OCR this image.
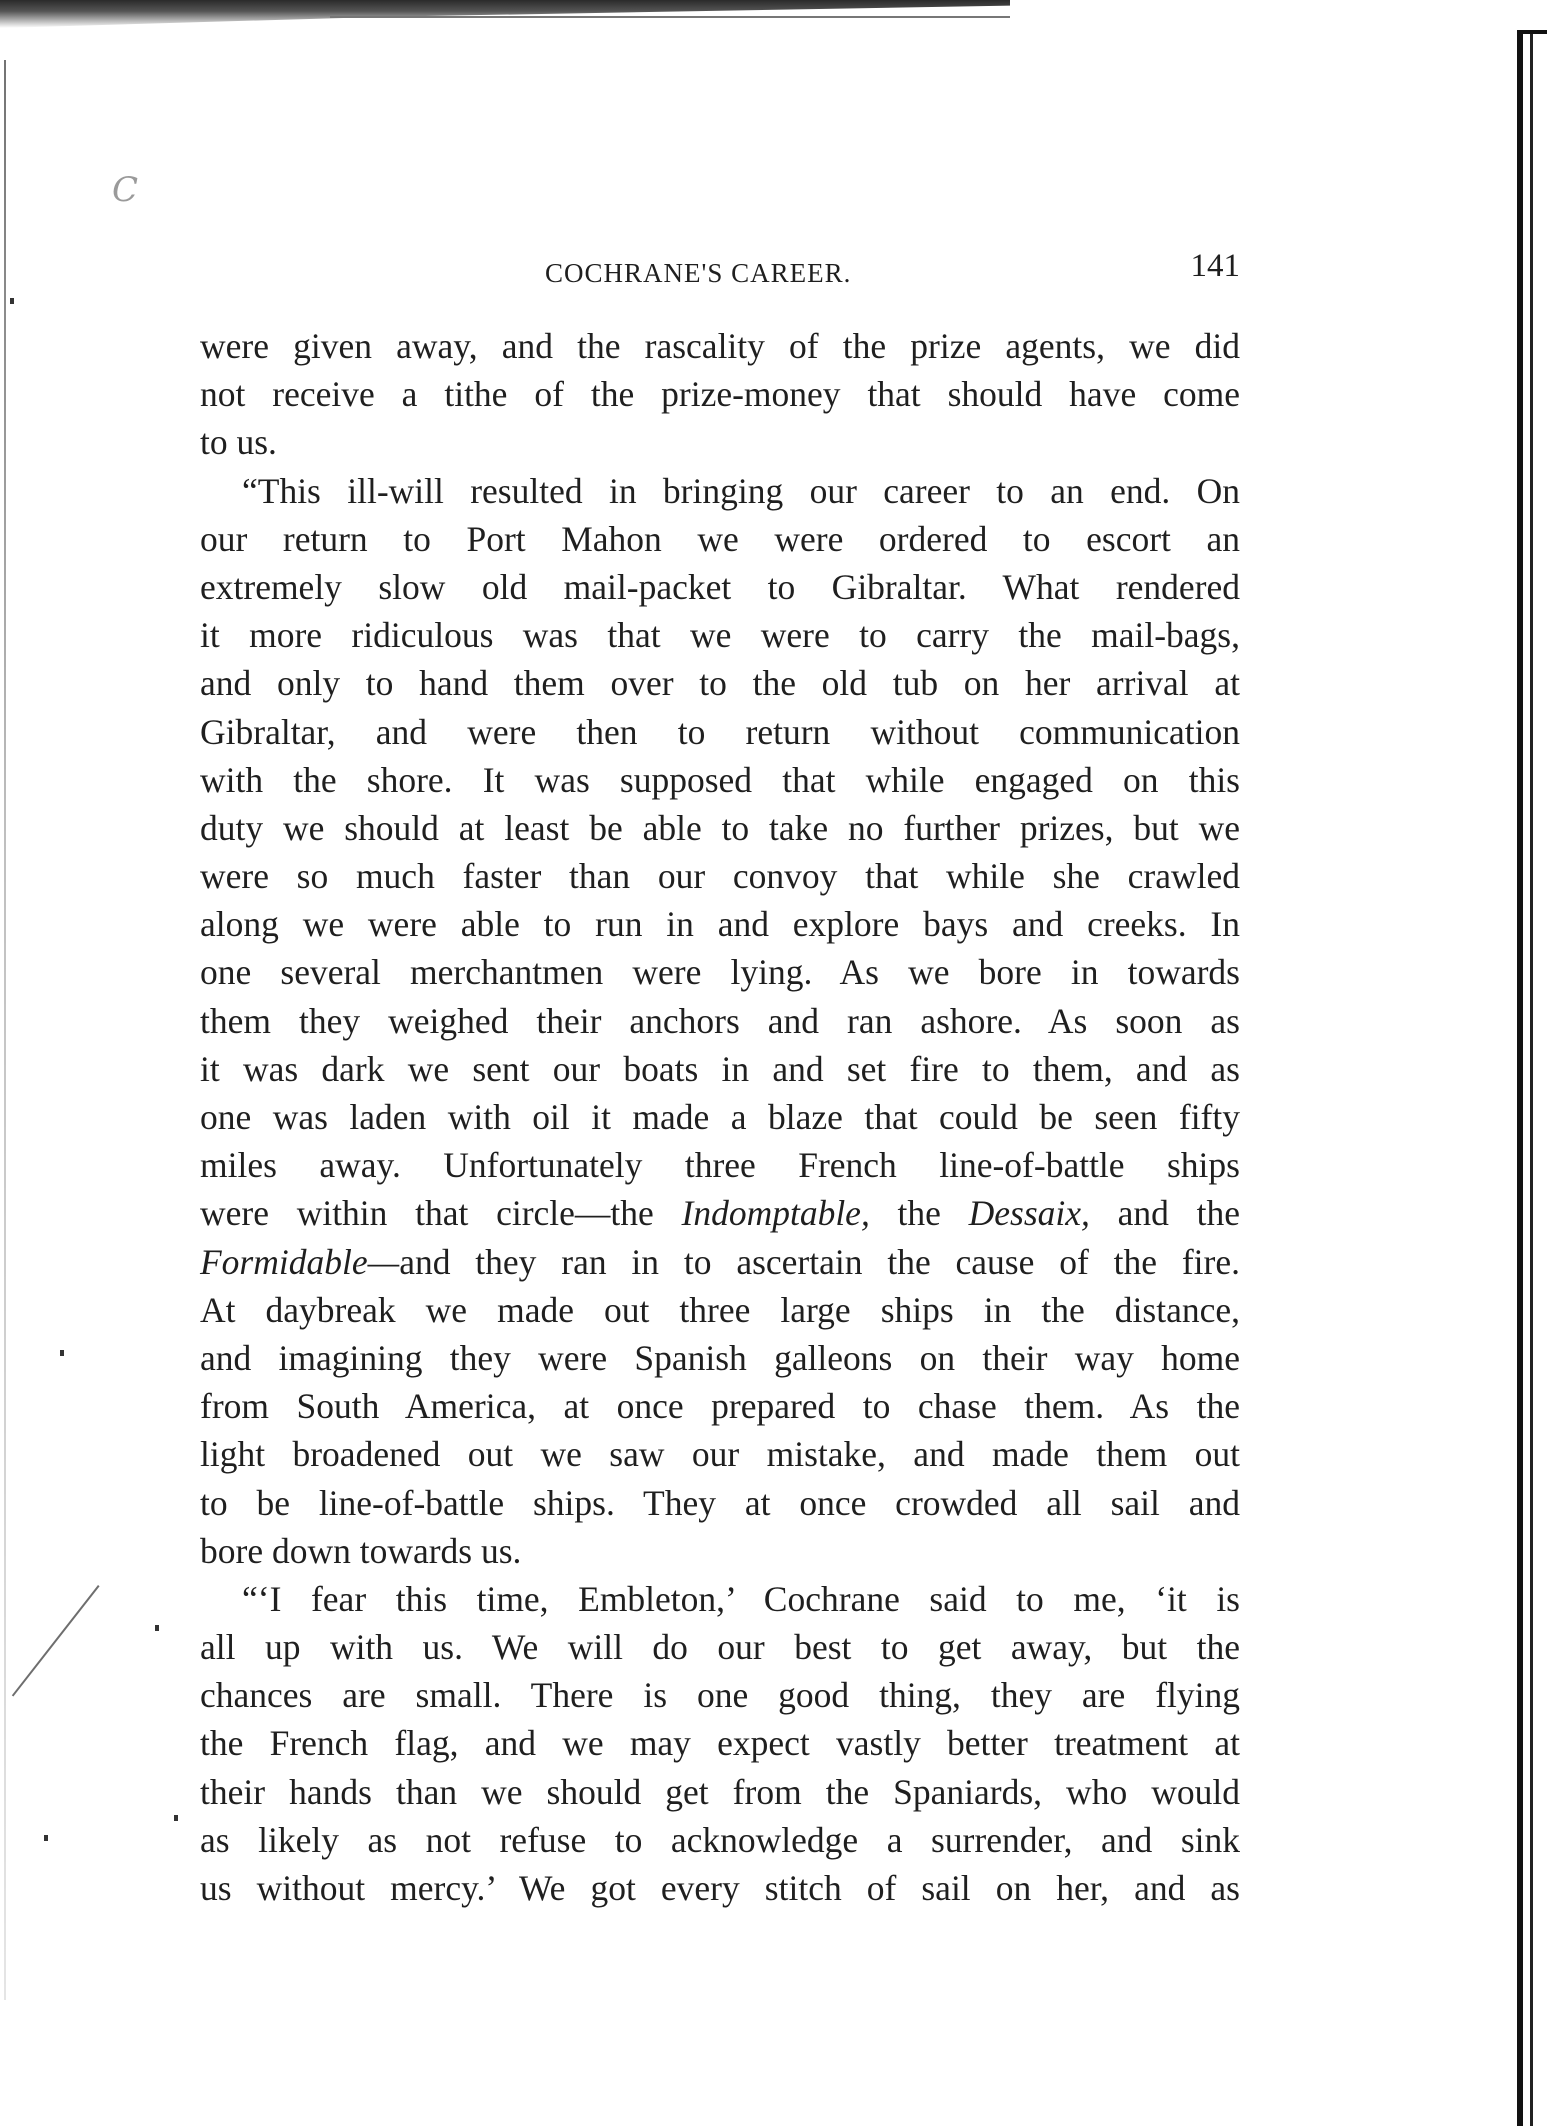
C
COCHRANE'S CAREER.	141
were given away, and the rascality of the prize agents, we did
not receive a tithe of the prize-money that should have come
to us.
“This ill-will resulted in bringing our career to an end. On
our return to Port Mahon we were ordered to escort an
extremely slow old mail-packet to Gibraltar. What rendered
it more ridiculous was that we were to carry the mail-bags,
and only to hand them over to the old tub on her arrival at
Gibraltar, and were then to return without communication
with the shore. It was supposed that while engaged on this
duty we should at least be able to take no further prizes, but we
were so much faster than our convoy that while she crawled
along we were able to run in and explore bays and creeks. In
one several merchantmen were lying. As we bore in towards
them they weighed their anchors and ran ashore. As soon as
it was dark we sent our boats in and set fire to them, and as
one was laden with oil it made a blaze that could be seen fifty
miles away. Unfortunately three French line-of-battle ships
were within that circle—the Indomptable, the Dessaix, and the
Formidable—and they ran in to ascertain the cause of the fire.
At daybreak we made out three large ships in the distance,
and imagining they were Spanish galleons on their way home
from South America, at once prepared to chase them. As the
light broadened out we saw our mistake, and made them out
to be line-of-battle ships. They at once crowded all sail and
bore down towards us.
“‘I fear this time, Embleton,’ Cochrane said to me, ‘it is
all up with us. We will do our best to get away, but the
chances are small. There is one good thing, they are flying
the French flag, and we may expect vastly better treatment at
their hands than we should get from the Spaniards, who would
as likely as not refuse to acknowledge a surrender, and sink
us without mercy.’ We got every stitch of sail on her, and as
